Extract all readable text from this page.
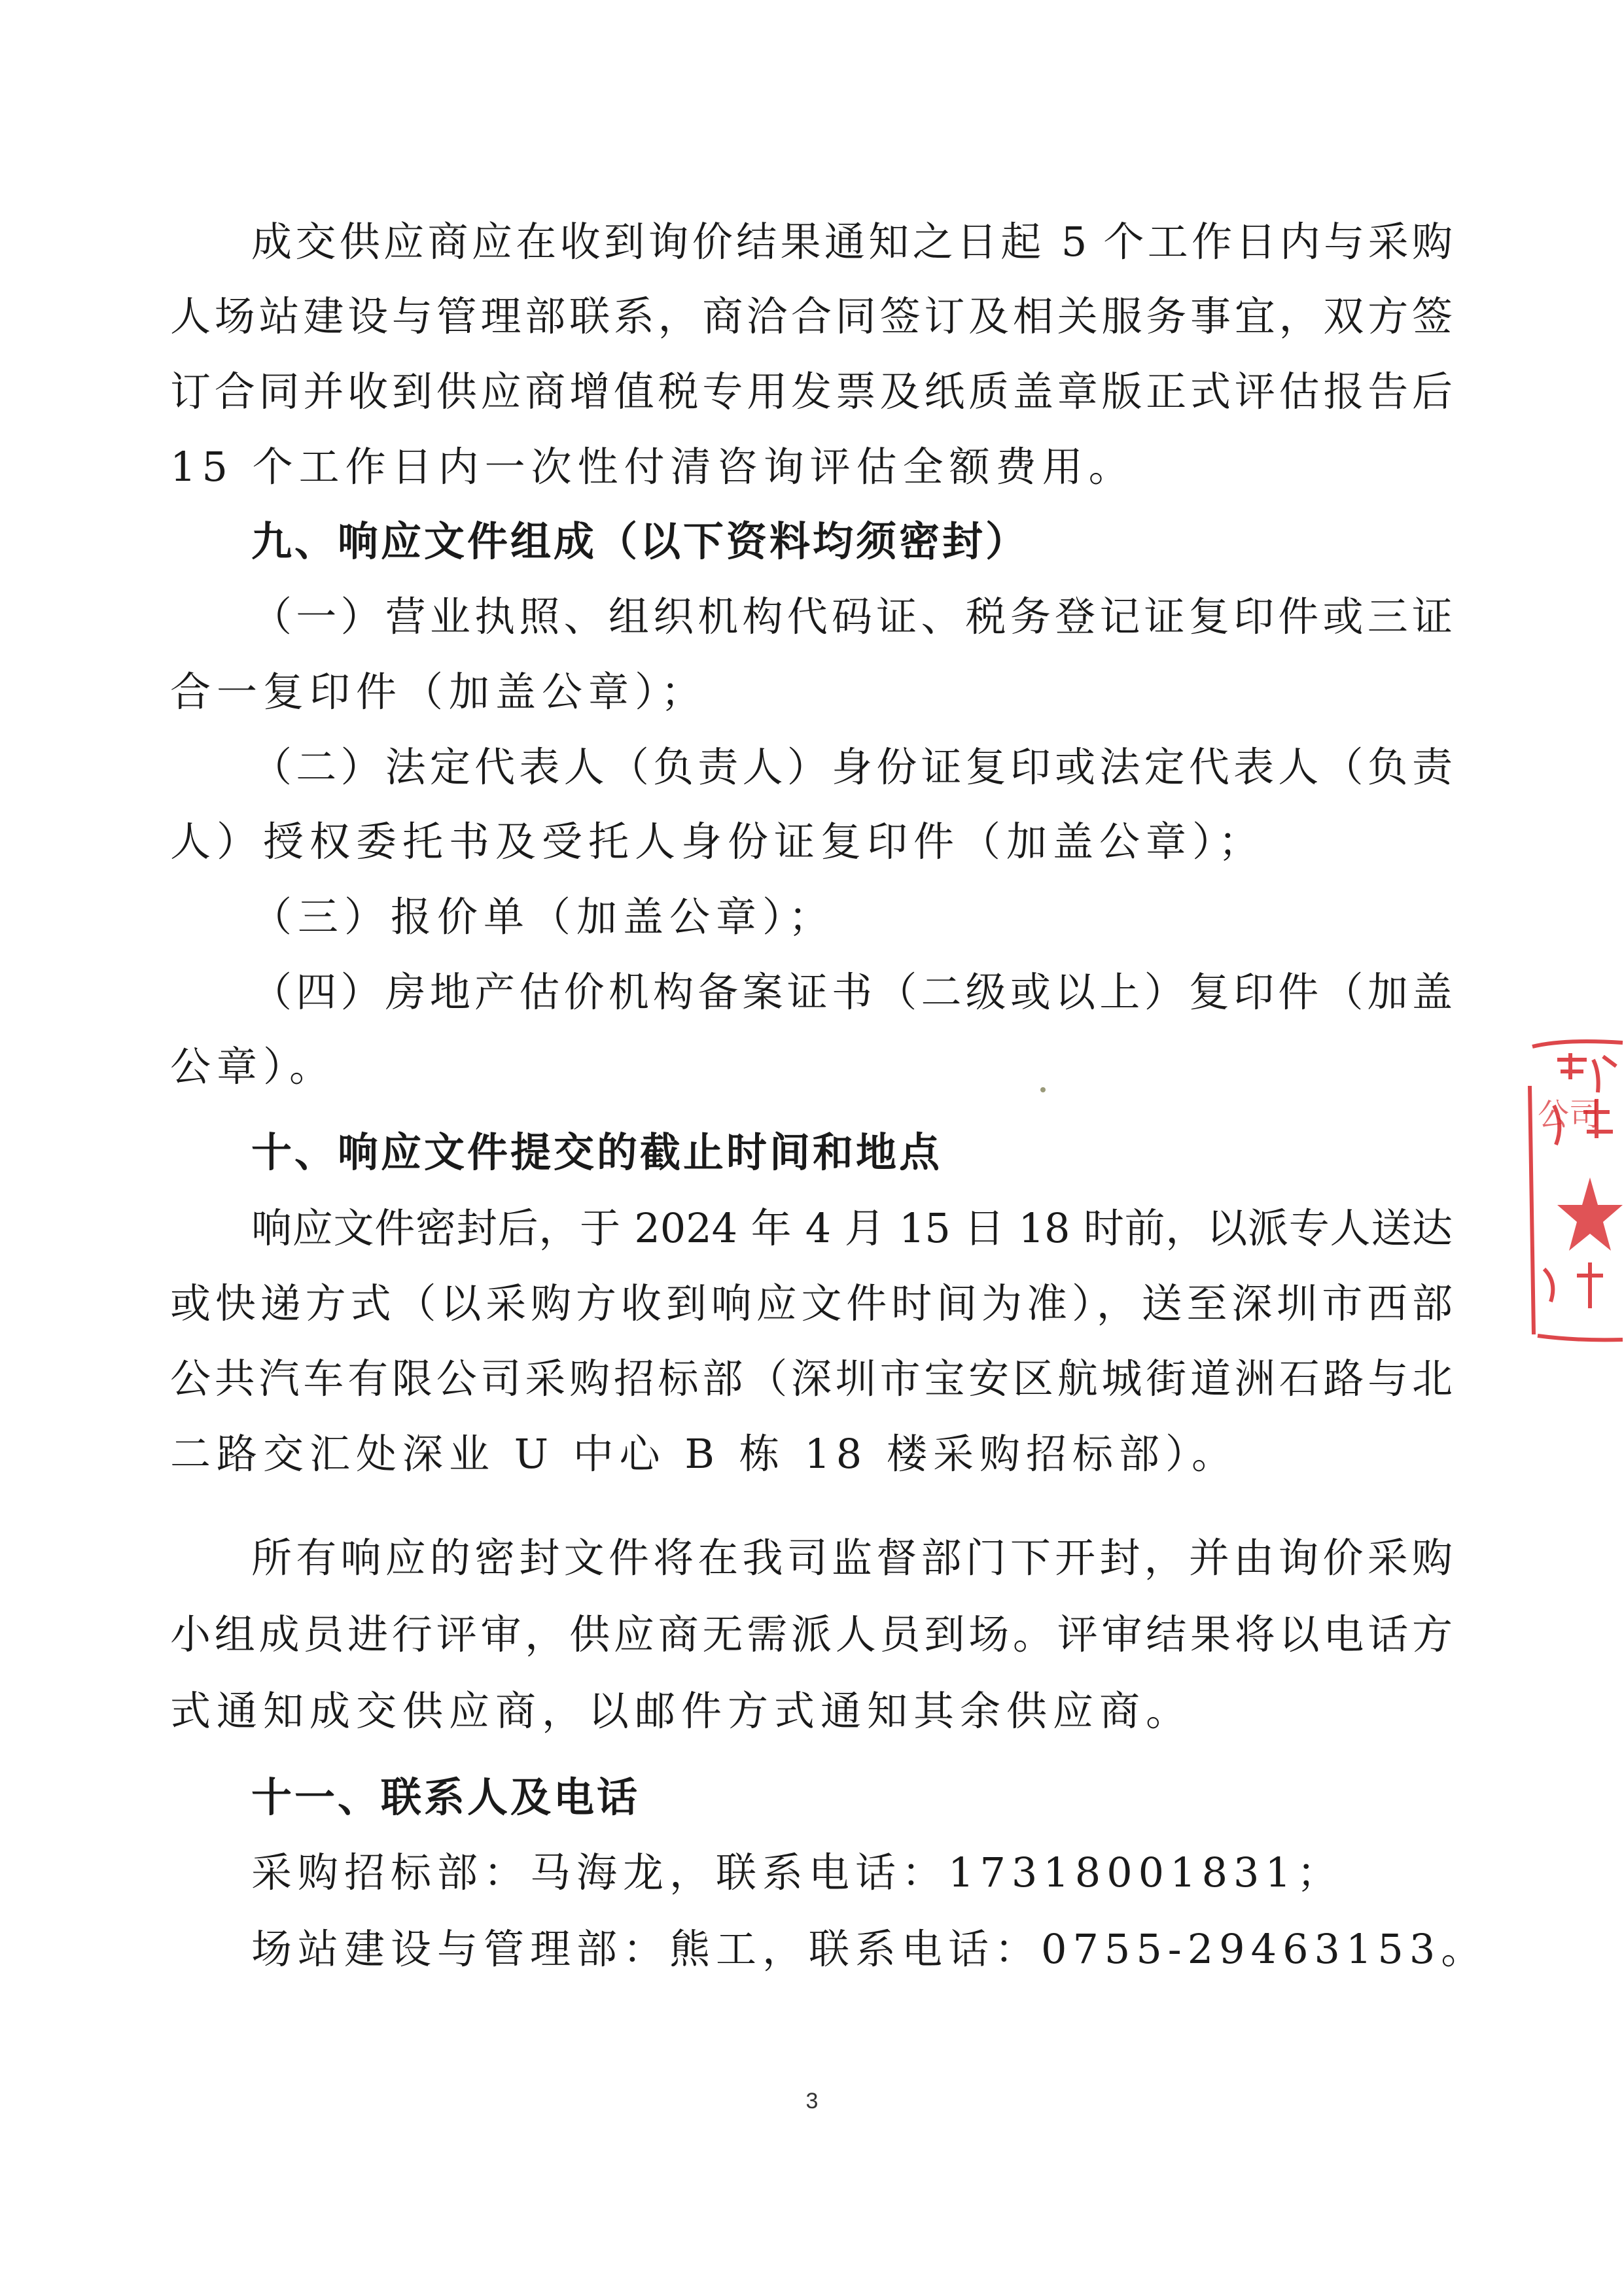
成交供应商应在收到询价结果通知之日起 5 个工作日内与采购
人场站建设与管理部联系，商洽合同签订及相关服务事宜，双方签
订合同并收到供应商增值税专用发票及纸质盖章版正式评估报告后
15 个工作日内一次性付清咨询评估全额费用。
九、响应文件组成（以下资料均须密封）
（一）营业执照、组织机构代码证、税务登记证复印件或三证
合一复印件（加盖公章）；
（二）法定代表人（负责人）身份证复印或法定代表人（负责
人）授权委托书及受托人身份证复印件（加盖公章）；
（三）报价单（加盖公章）；
（四）房地产估价机构备案证书（二级或以上）复印件（加盖
公章）。
十、响应文件提交的截止时间和地点
响应文件密封后，于 2024 年 4 月 15 日 18 时前，以派专人送达
或快递方式（以采购方收到响应文件时间为准），送至深圳市西部
公共汽车有限公司采购招标部（深圳市宝安区航城街道洲石路与北
二路交汇处深业 U 中心 B 栋 18 楼采购招标部）。
所有响应的密封文件将在我司监督部门下开封，并由询价采购
小组成员进行评审，供应商无需派人员到场。评审结果将以电话方
式通知成交供应商，以邮件方式通知其余供应商。
十一、联系人及电话
采购招标部：马海龙，联系电话：17318001831；
场站建设与管理部：熊工，联系电话：0755-29463153。
3
公司
